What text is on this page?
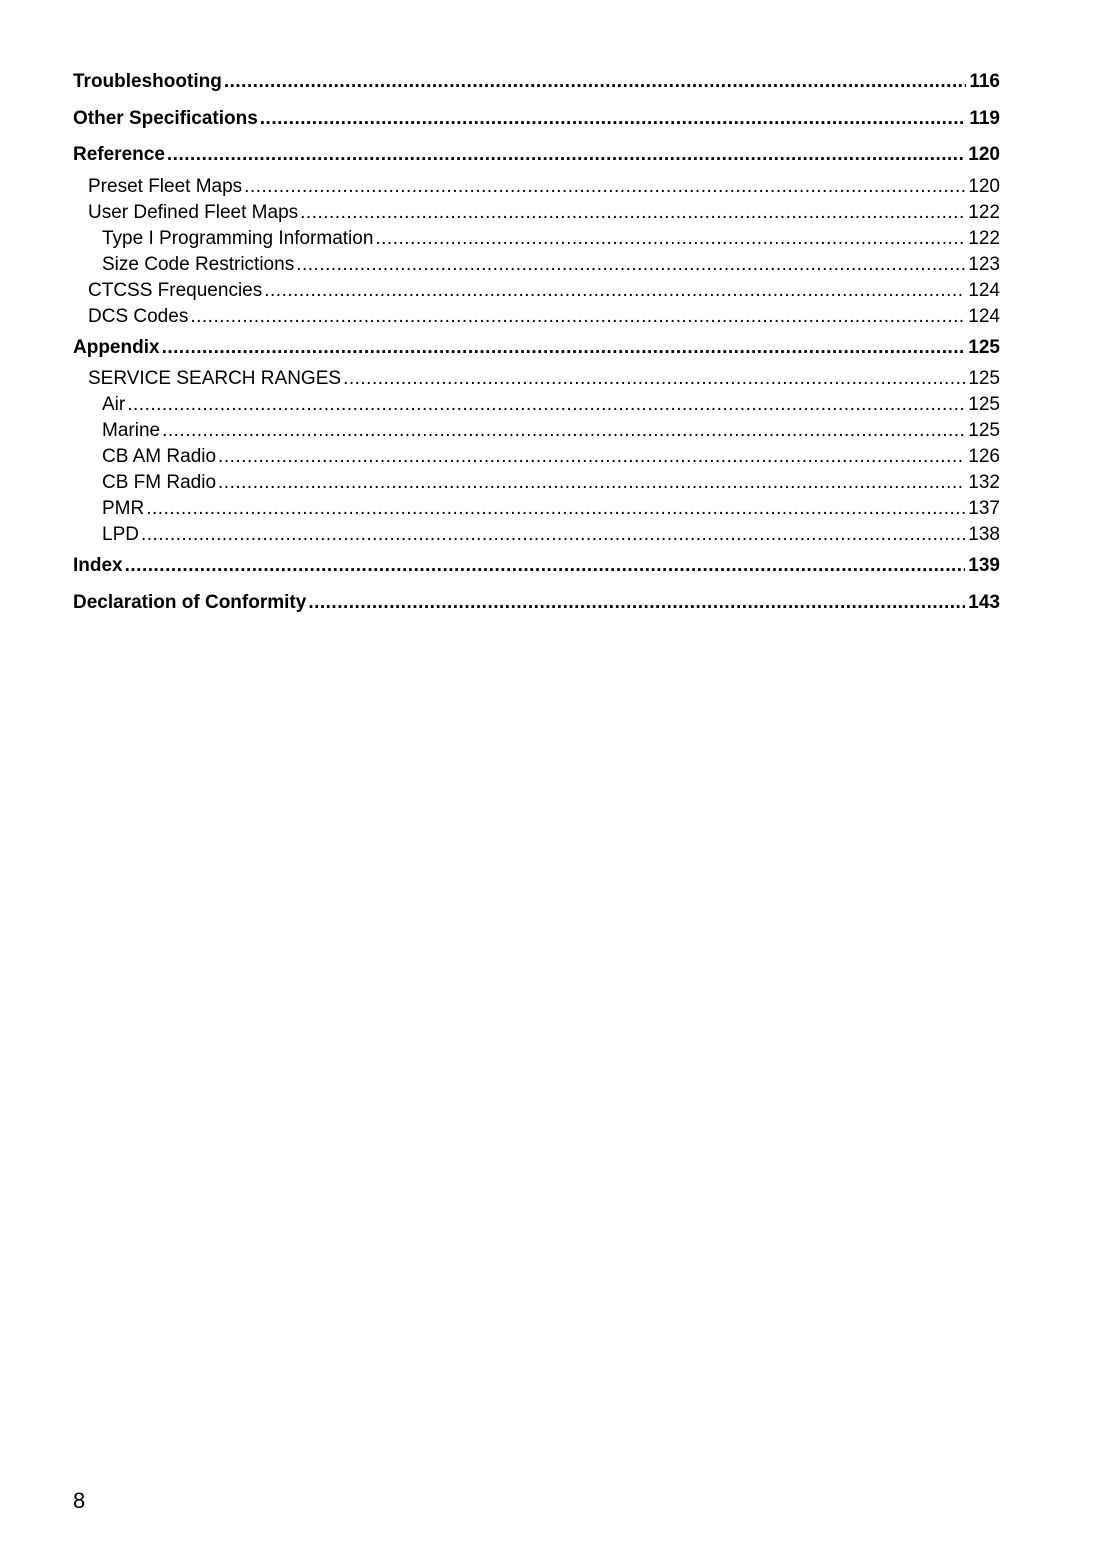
Troubleshooting .....	116
Other Specifications .....	119
Reference .....	120
Preset Fleet Maps .....	120
User Defined Fleet Maps .....	122
Type I Programming Information .....	122
Size Code Restrictions .....	123
CTCSS Frequencies .....	124
DCS Codes .....	124
Appendix .....	125
SERVICE SEARCH RANGES .....	125
Air .....	125
Marine .....	125
CB AM Radio .....	126
CB FM Radio .....	132
PMR .....	137
LPD .....	138
Index .....	139
Declaration of Conformity .....	143
8
